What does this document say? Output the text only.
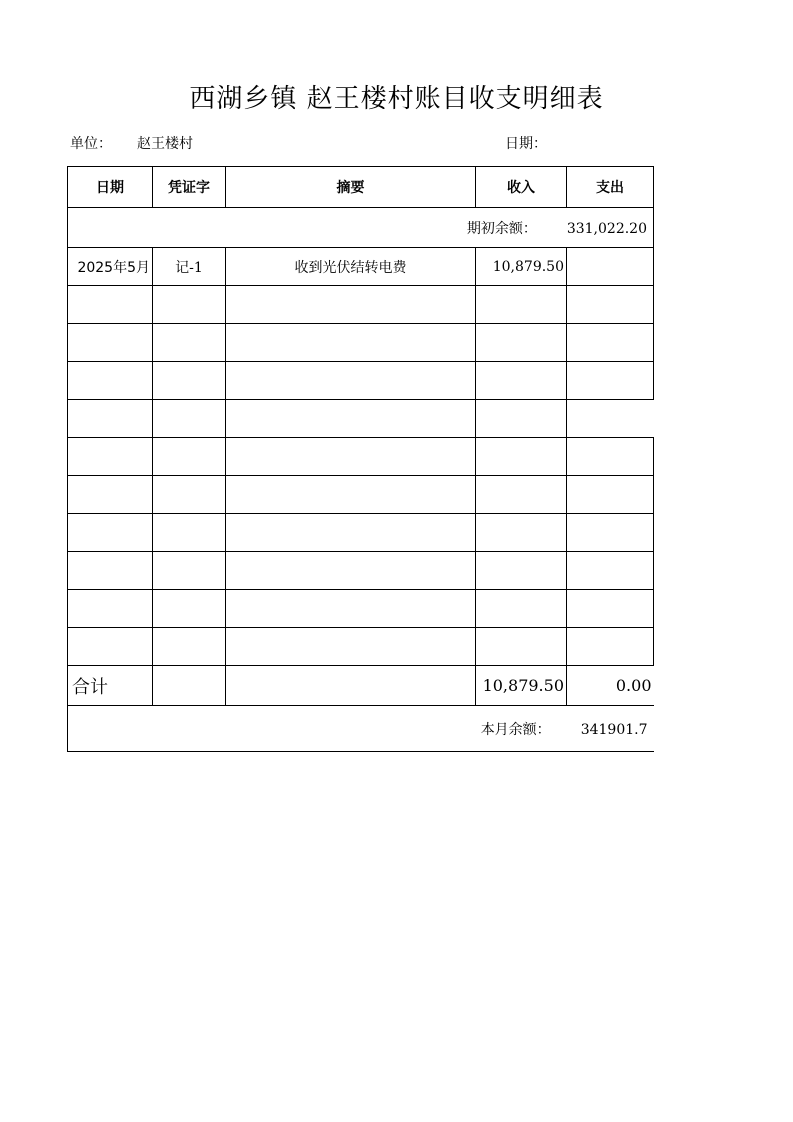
西湖乡镇 赵王楼村账目收支明细表
单位： 赵王楼村	日期：
日期	凭证字	摘要	收入	支出
期初余额： 331,022.20				
2025年5月	记-1	收到光伏结转电费	10,879.50	

合计			10,879.50	0.00
本月余额： 341901.7				
